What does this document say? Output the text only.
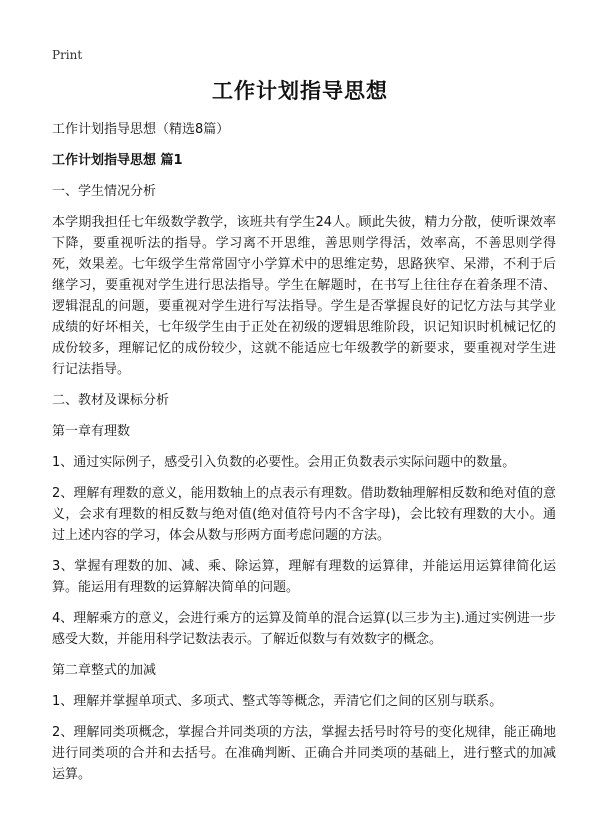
Print
工作计划指导思想

工作计划指导思想（精选8篇）

工作计划指导思想 篇1

一、学生情况分析

本学期我担任七年级数学教学，该班共有学生24人。顾此失彼，精力分散，使听课效率下降，要重视听法的指导。学习离不开思维，善思则学得活，效率高，不善思则学得死，效果差。七年级学生常常固守小学算术中的思维定势，思路狭窄、呆滞，不利于后继学习，要重视对学生进行思法指导。学生在解题时，在书写上往往存在着条理不清、逻辑混乱的问题，要重视对学生进行写法指导。学生是否掌握良好的记忆方法与其学业成绩的好坏相关，七年级学生由于正处在初级的逻辑思维阶段，识记知识时机械记忆的成份较多，理解记忆的成份较少，这就不能适应七年级教学的新要求，要重视对学生进行记法指导。

二、教材及课标分析

第一章有理数

1、通过实际例子，感受引入负数的必要性。会用正负数表示实际问题中的数量。

2、理解有理数的意义，能用数轴上的点表示有理数。借助数轴理解相反数和绝对值的意义，会求有理数的相反数与绝对值(绝对值符号内不含字母)，会比较有理数的大小。通过上述内容的学习，体会从数与形两方面考虑问题的方法。

3、掌握有理数的加、减、乘、除运算，理解有理数的运算律，并能运用运算律简化运算。能运用有理数的运算解决简单的问题。

4、理解乘方的意义，会进行乘方的运算及简单的混合运算(以三步为主).通过实例进一步感受大数，并能用科学记数法表示。了解近似数与有效数字的概念。

第二章整式的加减

1、理解并掌握单项式、多项式、整式等等概念，弄清它们之间的区别与联系。

2、理解同类项概念，掌握合并同类项的方法，掌握去括号时符号的变化规律，能正确地进行同类项的合并和去括号。在准确判断、正确合并同类项的基础上，进行整式的加减运算。
